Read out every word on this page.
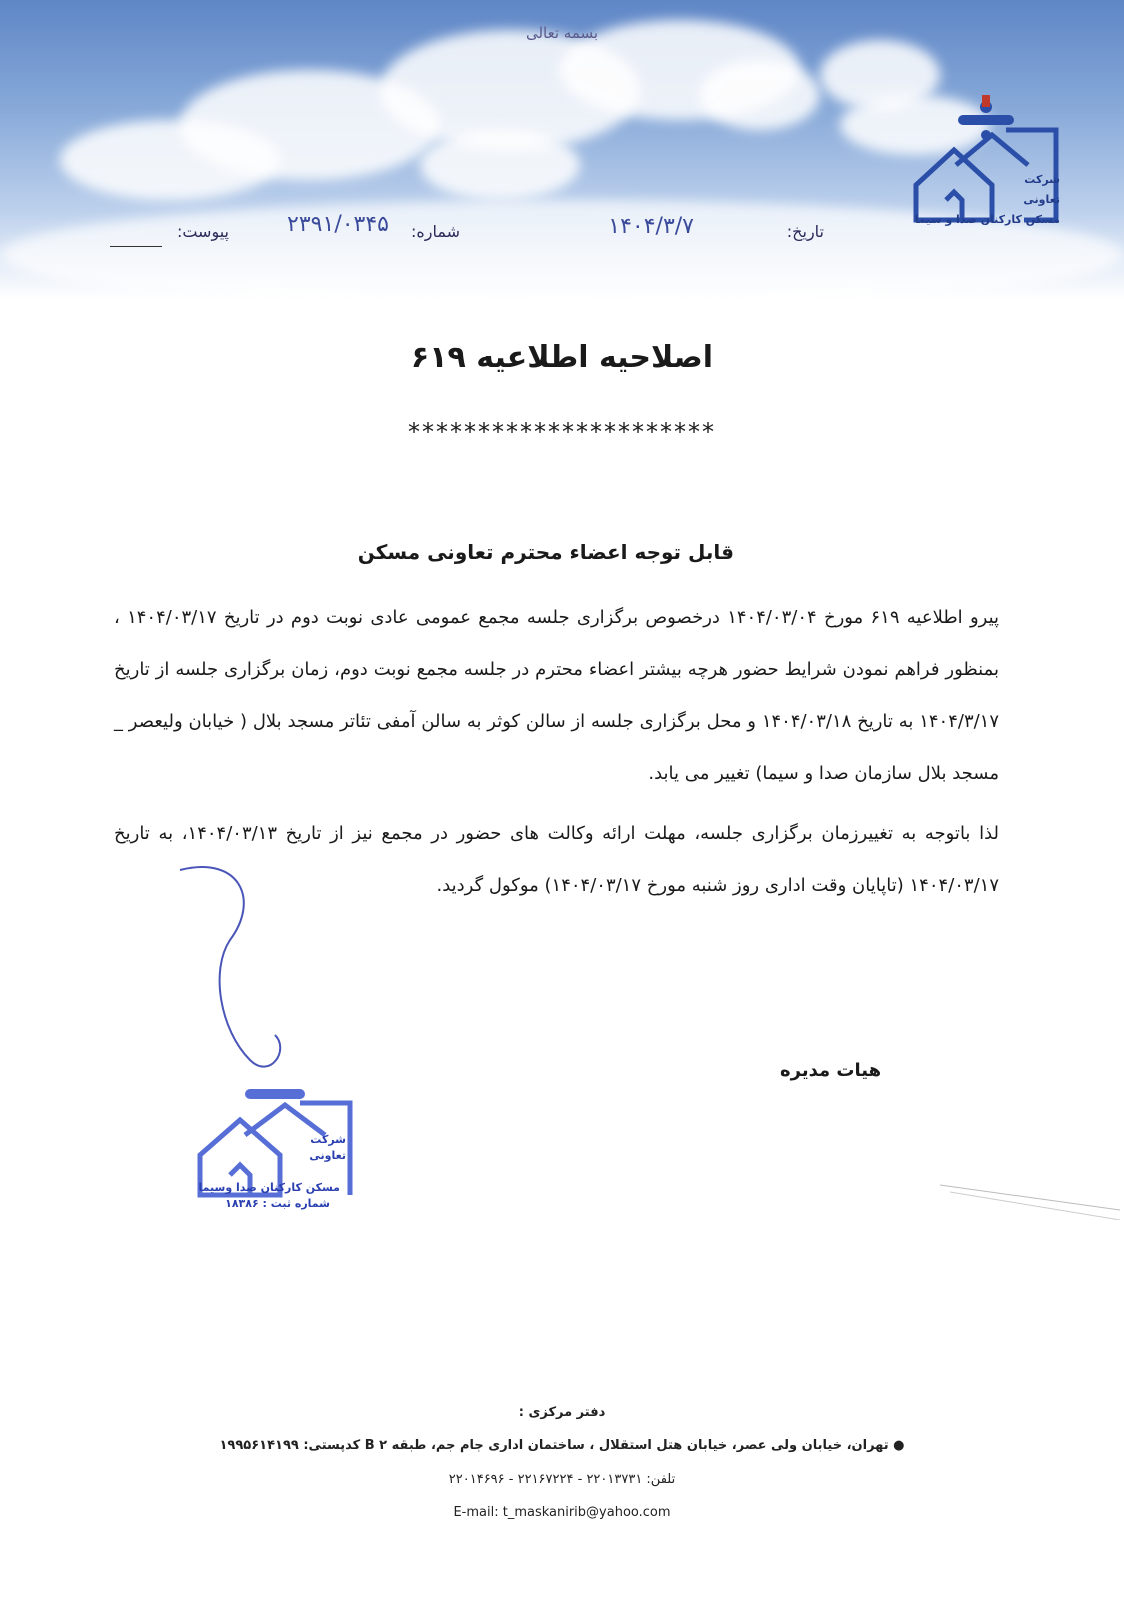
بسمه تعالی
شرکت
تعاونی
مسکن کارکنان صدا و سیما
تاریخ:
۱۴۰۴/۳/۷
شماره:
۲۳۹۱/۰۳۴۵
پیوست:
اصلاحیه اطلاعیه ۶۱۹
**********************
قابل توجه اعضاء محترم تعاونی مسکن
پیرو اطلاعیه ۶۱۹ مورخ ۱۴۰۴/۰۳/۰۴ درخصوص برگزاری جلسه مجمع عمومی عادی نوبت دوم در تاریخ ۱۴۰۴/۰۳/۱۷ ، بمنظور فراهم نمودن شرایط حضور هرچه بیشتر اعضاء محترم در جلسه مجمع نوبت دوم، زمان برگزاری جلسه از تاریخ ۱۴۰۴/۳/۱۷ به تاریخ ۱۴۰۴/۰۳/۱۸ و محل برگزاری جلسه از سالن کوثر به سالن آمفی تئاتر مسجد بلال ( خیابان ولیعصر _ مسجد بلال سازمان صدا و سیما) تغییر می یابد.
لذا باتوجه به تغییرزمان برگزاری جلسه، مهلت ارائه وکالت های حضور در مجمع نیز از تاریخ ۱۴۰۴/۰۳/۱۳، به تاریخ ۱۴۰۴/۰۳/۱۷ (تاپایان وقت اداری روز شنبه مورخ ۱۴۰۴/۰۳/۱۷) موکول گردید.
هیات مدیره
شرکت
تعاونی
مسکن کارکنان صدا وسیما
شماره ثبت : ۱۸۳۸۶
دفتر مرکزی :
● تهران، خیابان ولی عصر، خیابان هتل استقلال ، ساختمان اداری جام جم، طبقه ۲ B کدپستی: ۱۹۹۵۶۱۴۱۹۹
تلفن: ۲۲۰۱۳۷۳۱ - ۲۲۱۶۷۲۲۴ - ۲۲۰۱۴۶۹۶
E-mail: t_maskanirib@yahoo.com
